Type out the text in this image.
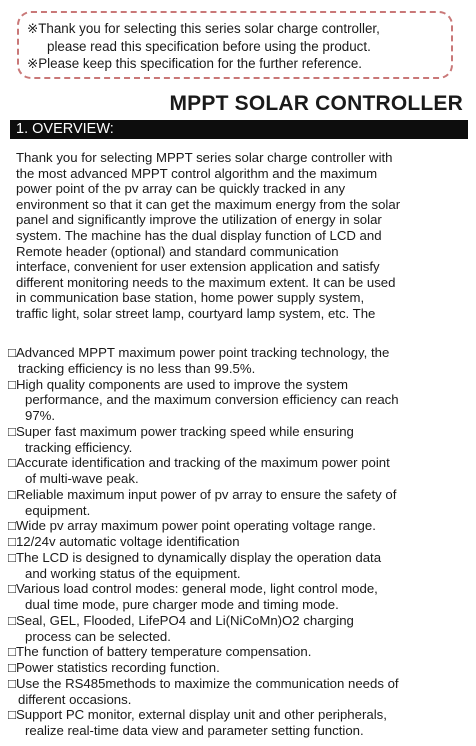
※Thank you for selecting this series solar charge controller,
please read this specification before using the product.
※Please keep this specification for the further reference.
MPPT SOLAR CONTROLLER
1. OVERVIEW:
Thank you for selecting MPPT series solar charge controller with
the most advanced MPPT control algorithm and the maximum
power point of the pv array can be quickly tracked in any
environment so that it can get the maximum energy from the solar
panel and significantly improve the utilization of energy in solar
system. The machine has the dual display function of LCD and
Remote header (optional) and standard communication
interface, convenient for user extension application and satisfy
different monitoring needs to the maximum extent. It can be used
in communication base station, home power supply system,
traffic light, solar street lamp, courtyard lamp system, etc. The
□Advanced MPPT maximum power point tracking technology, the
tracking efficiency is no less than 99.5%.
□High quality components are used to improve the system
performance, and the maximum conversion efficiency can reach
97%.
□Super fast maximum power tracking speed while ensuring
tracking efficiency.
□Accurate identification and tracking of the maximum power point
of multi-wave peak.
□Reliable maximum input power of pv array to ensure the safety of
equipment.
□Wide pv array maximum power point operating voltage range.
□12/24v automatic voltage identification
□The LCD is designed to dynamically display the operation data
and working status of the equipment.
□Various load control modes: general mode, light control mode,
dual time mode, pure charger mode and timing mode.
□Seal, GEL, Flooded, LifePO4 and Li(NiCoMn)O2 charging
process can be selected.
□The function of battery temperature compensation.
□Power statistics recording function.
□Use the RS485methods to maximize the communication needs of
different occasions.
□Support PC monitor, external display unit and other peripherals,
realize real-time data view and parameter setting function.
